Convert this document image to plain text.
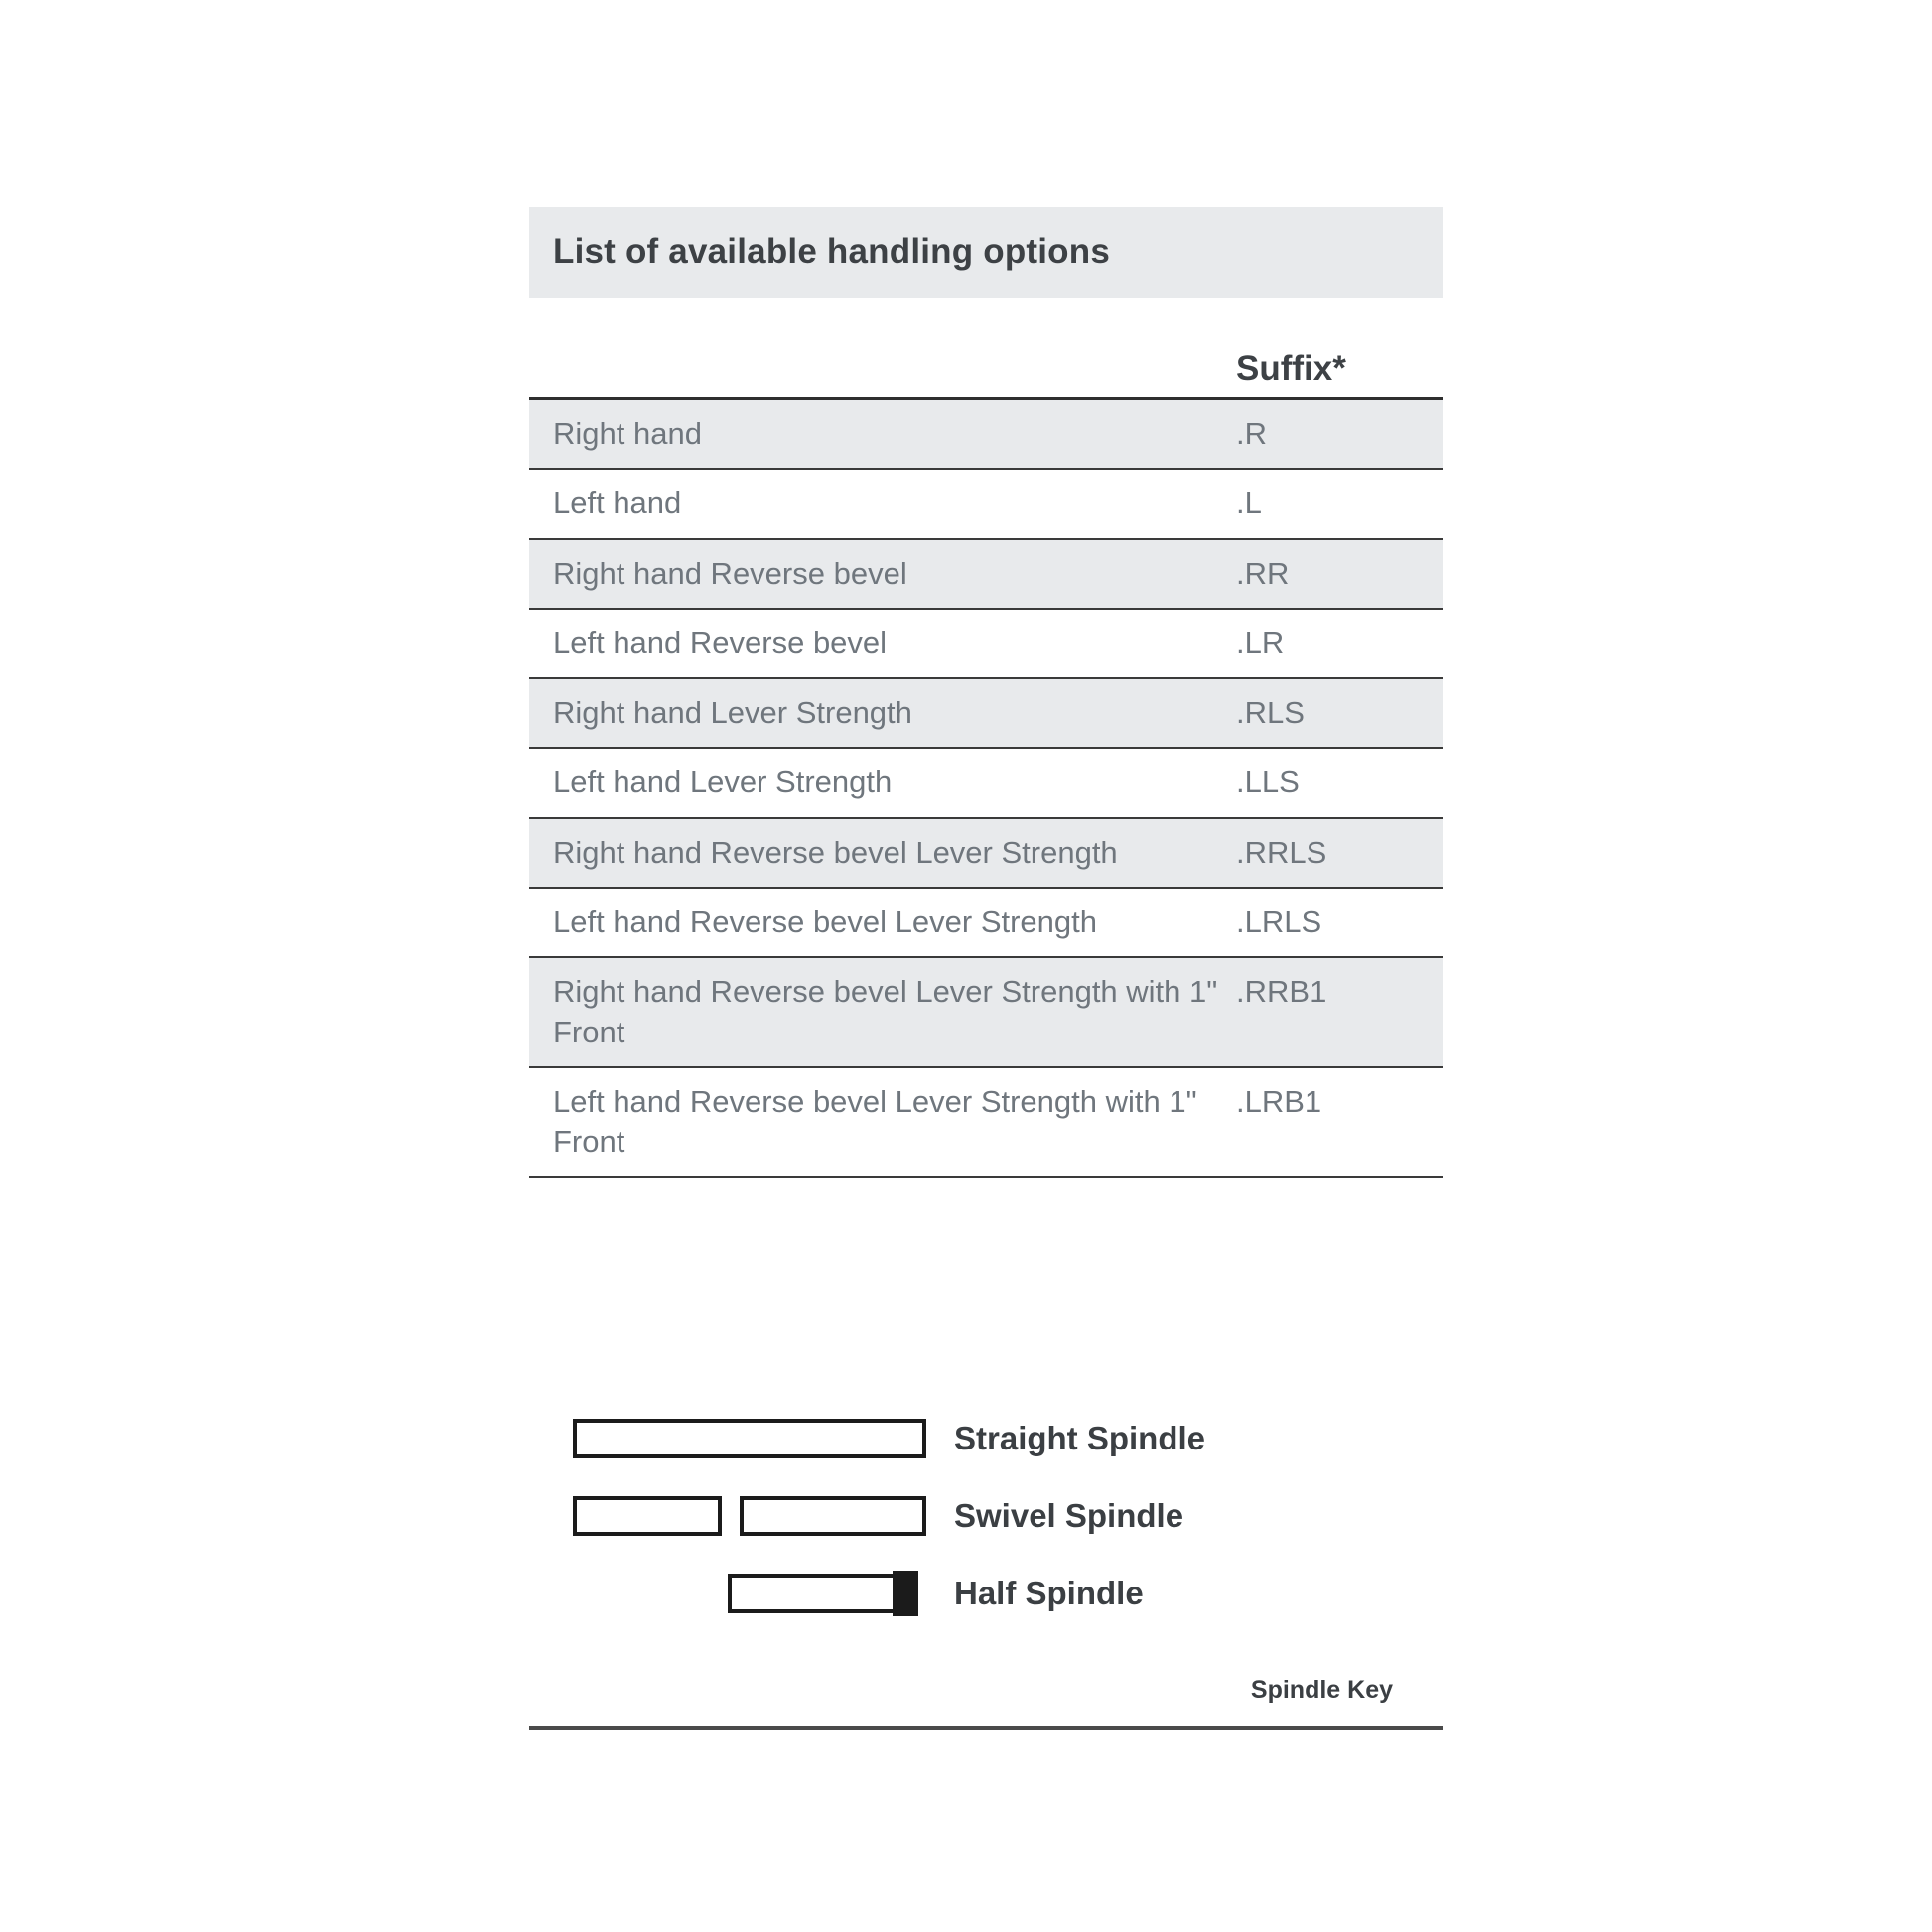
List of available handling options
Suffix*
Right hand	.R
Left hand	.L
Right hand Reverse bevel	.RR
Left hand Reverse bevel	.LR
Right hand Lever Strength	.RLS
Left hand Lever Strength	.LLS
Right hand Reverse bevel Lever Strength	.RRLS
Left hand Reverse bevel Lever Strength	.LRLS
Right hand Reverse bevel Lever Strength with 1" Front
.RRB1
Left hand Reverse bevel Lever Strength with 1" Front
.LRB1
Straight Spindle
Swivel Spindle
Half Spindle
Spindle Key
